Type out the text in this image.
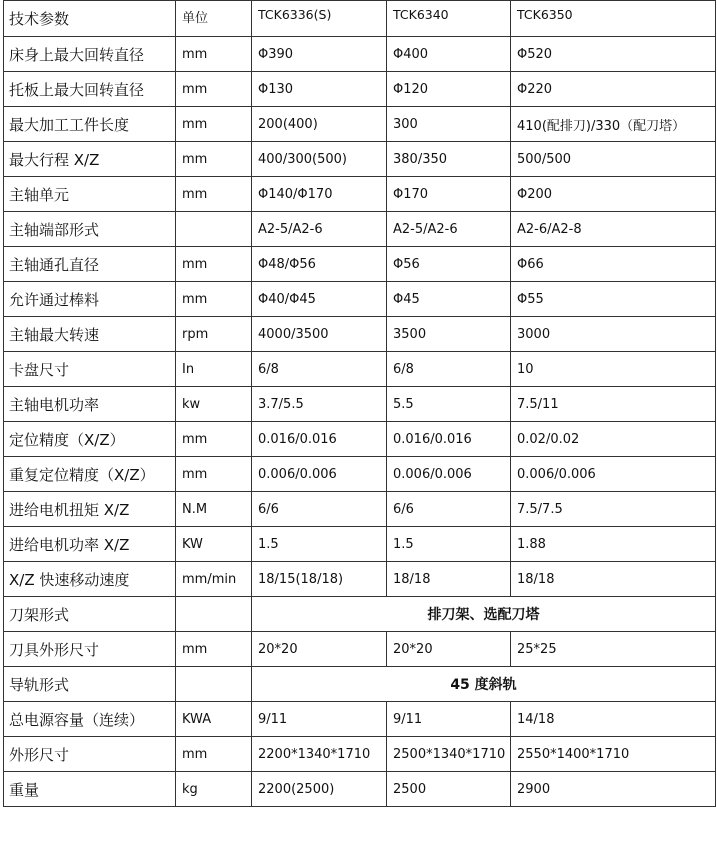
技术参数	单位	TCK6336(S)	TCK6340	TCK6350
床身上最大回转直径	mm	Φ390	Φ400	Φ520
托板上最大回转直径	mm	Φ130	Φ120	Φ220
最大加工工件长度	mm	200(400)	300	410(配排刀)/330（配刀塔）
最大行程 X/Z	mm	400/300(500)	380/350	500/500
主轴单元	mm	Φ140/Φ170	Φ170	Φ200
主轴端部形式		A2-5/A2-6	A2-5/A2-6	A2-6/A2-8
主轴通孔直径	mm	Φ48/Φ56	Φ56	Φ66
允许通过棒料	mm	Φ40/Φ45	Φ45	Φ55
主轴最大转速	rpm	4000/3500	3500	3000
卡盘尺寸	In	6/8	6/8	10
主轴电机功率	kw	3.7/5.5	5.5	7.5/11
定位精度（X/Z）	mm	0.016/0.016	0.016/0.016	0.02/0.02
重复定位精度（X/Z）	mm	0.006/0.006	0.006/0.006	0.006/0.006
进给电机扭矩 X/Z	N.M	6/6	6/6	7.5/7.5
进给电机功率 X/Z	KW	1.5	1.5	1.88
X/Z 快速移动速度	mm/min	18/15(18/18)	18/18	18/18
刀架形式		排刀架、选配刀塔		
刀具外形尺寸	mm	20*20	20*20	25*25
导轨形式		45 度斜轨		
总电源容量（连续）	KWA	9/11	9/11	14/18
外形尺寸	mm	2200*1340*1710	2500*1340*1710	2550*1400*1710
重量	kg	2200(2500)	2500	2900
